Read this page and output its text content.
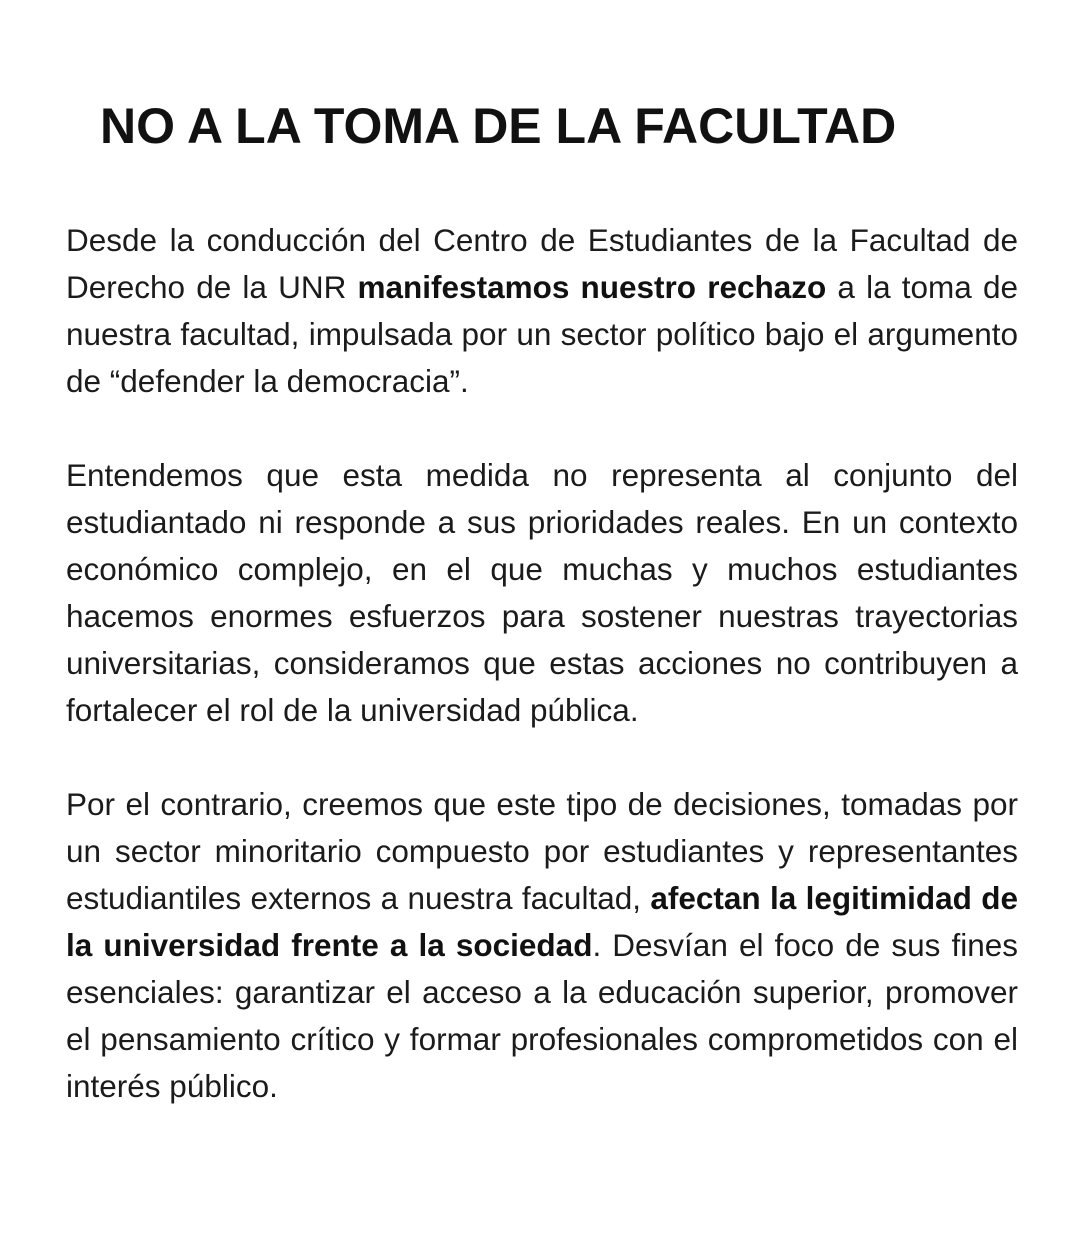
NO A LA TOMA DE LA FACULTAD

Desde la conducción del Centro de Estudiantes de la Facultad de Derecho de la UNR manifestamos nuestro rechazo a la toma de nuestra facultad, impulsada por un sector político bajo el argumento de “defender la democracia”.

Entendemos que esta medida no representa al conjunto del estudiantado ni responde a sus prioridades reales. En un contexto económico complejo, en el que muchas y muchos estudiantes hacemos enormes esfuerzos para sostener nuestras trayectorias universitarias, consideramos que estas acciones no contribuyen a fortalecer el rol de la universidad pública.

Por el contrario, creemos que este tipo de decisiones, tomadas por un sector minoritario compuesto por estudiantes y representantes estudiantiles externos a nuestra facultad, afectan la legitimidad de la universidad frente a la sociedad. Desvían el foco de sus fines esenciales: garantizar el acceso a la educación superior, promover el pensamiento crítico y formar profesionales comprometidos con el interés público.
